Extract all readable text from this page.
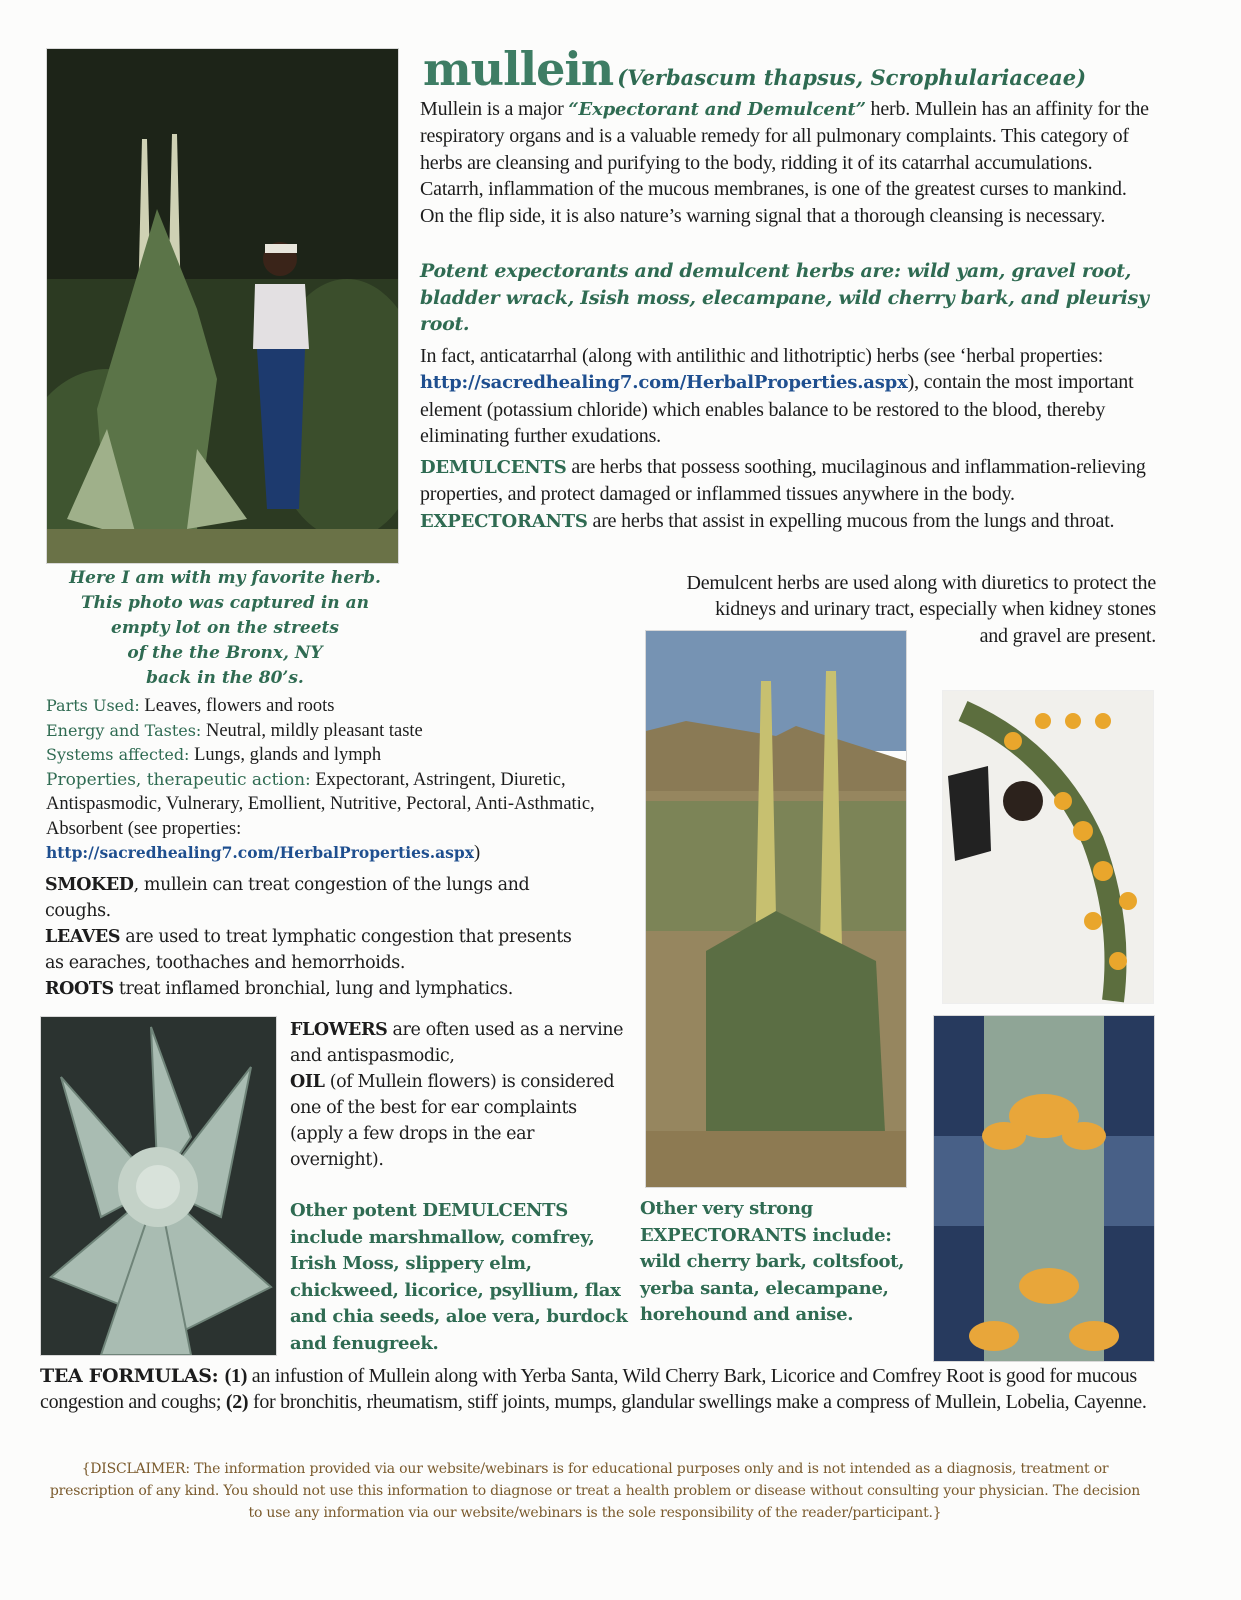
mullein (Verbascum thapsus, Scrophulariaceae)
Here I am with my favorite herb.
This photo was captured in an
empty lot on the streets
of the the Bronx, NY
back in the 80’s.
Mullein is a major “Expectorant and Demulcent” herb. Mullein has an affinity for the respiratory organs and is a valuable remedy for all pulmonary complaints. This category of herbs are cleansing and purifying to the body, ridding it of its catarrhal accumulations. Catarrh, inflammation of the mucous membranes, is one of the greatest curses to mankind. On the flip side, it is also nature’s warning signal that a thorough cleansing is necessary.
Potent expectorants and demulcent herbs are: wild yam, gravel root, bladder wrack, Isish moss, elecampane, wild cherry bark, and pleurisy root.
In fact, anticatarrhal (along with antilithic and lithotriptic) herbs (see ‘herbal properties: http://sacredhealing7.com/HerbalProperties.aspx), contain the most important element (potassium chloride) which enables balance to be restored to the blood, thereby eliminating further exudations.
DEMULCENTS are herbs that possess soothing, mucilaginous and inflammation-relieving properties, and protect damaged or inflammed tissues anywhere in the body. EXPECTORANTS are herbs that assist in expelling mucous from the lungs and throat.
Demulcent herbs are used along with diuretics to protect the
kidneys and urinary tract, especially when kidney stones
and gravel are present.
Parts Used: Leaves, flowers and roots
Energy and Tastes: Neutral, mildly pleasant taste
Systems affected: Lungs, glands and lymph
Properties, therapeutic action: Expectorant, Astringent, Diuretic, Antispasmodic, Vulnerary, Emollient, Nutritive, Pectoral, Anti-Asthmatic, Absorbent (see properties:
http://sacredhealing7.com/HerbalProperties.aspx)
SMOKED, mullein can treat congestion of the lungs and coughs.
LEAVES are used to treat lymphatic congestion that presents as earaches, toothaches and hemorrhoids.
ROOTS treat inflamed bronchial, lung and lymphatics.
FLOWERS are often used as a nervine and antispasmodic,
OIL (of Mullein flowers) is considered one of the best for ear complaints (apply a few drops in the ear overnight).
Other potent DEMULCENTS include marshmallow, comfrey, Irish Moss, slippery elm, chickweed, licorice, psyllium, flax and chia seeds, aloe vera, burdock and fenugreek.
Other very strong EXPECTORANTS include: wild cherry bark, coltsfoot, yerba santa, elecampane, horehound and anise.
TEA FORMULAS: (1) an infustion of Mullein along with Yerba Santa, Wild Cherry Bark, Licorice and Comfrey Root is good for mucous congestion and coughs; (2) for bronchitis, rheumatism, stiff joints, mumps, glandular swellings make a compress of Mullein, Lobelia, Cayenne.
{DISCLAIMER: The information provided via our website/webinars is for educational purposes only and is not intended as a diagnosis, treatment or prescription of any kind. You should not use this information to diagnose or treat a health problem or disease without consulting your physician. The decision to use any information via our website/webinars is the sole responsibility of the reader/participant.}
